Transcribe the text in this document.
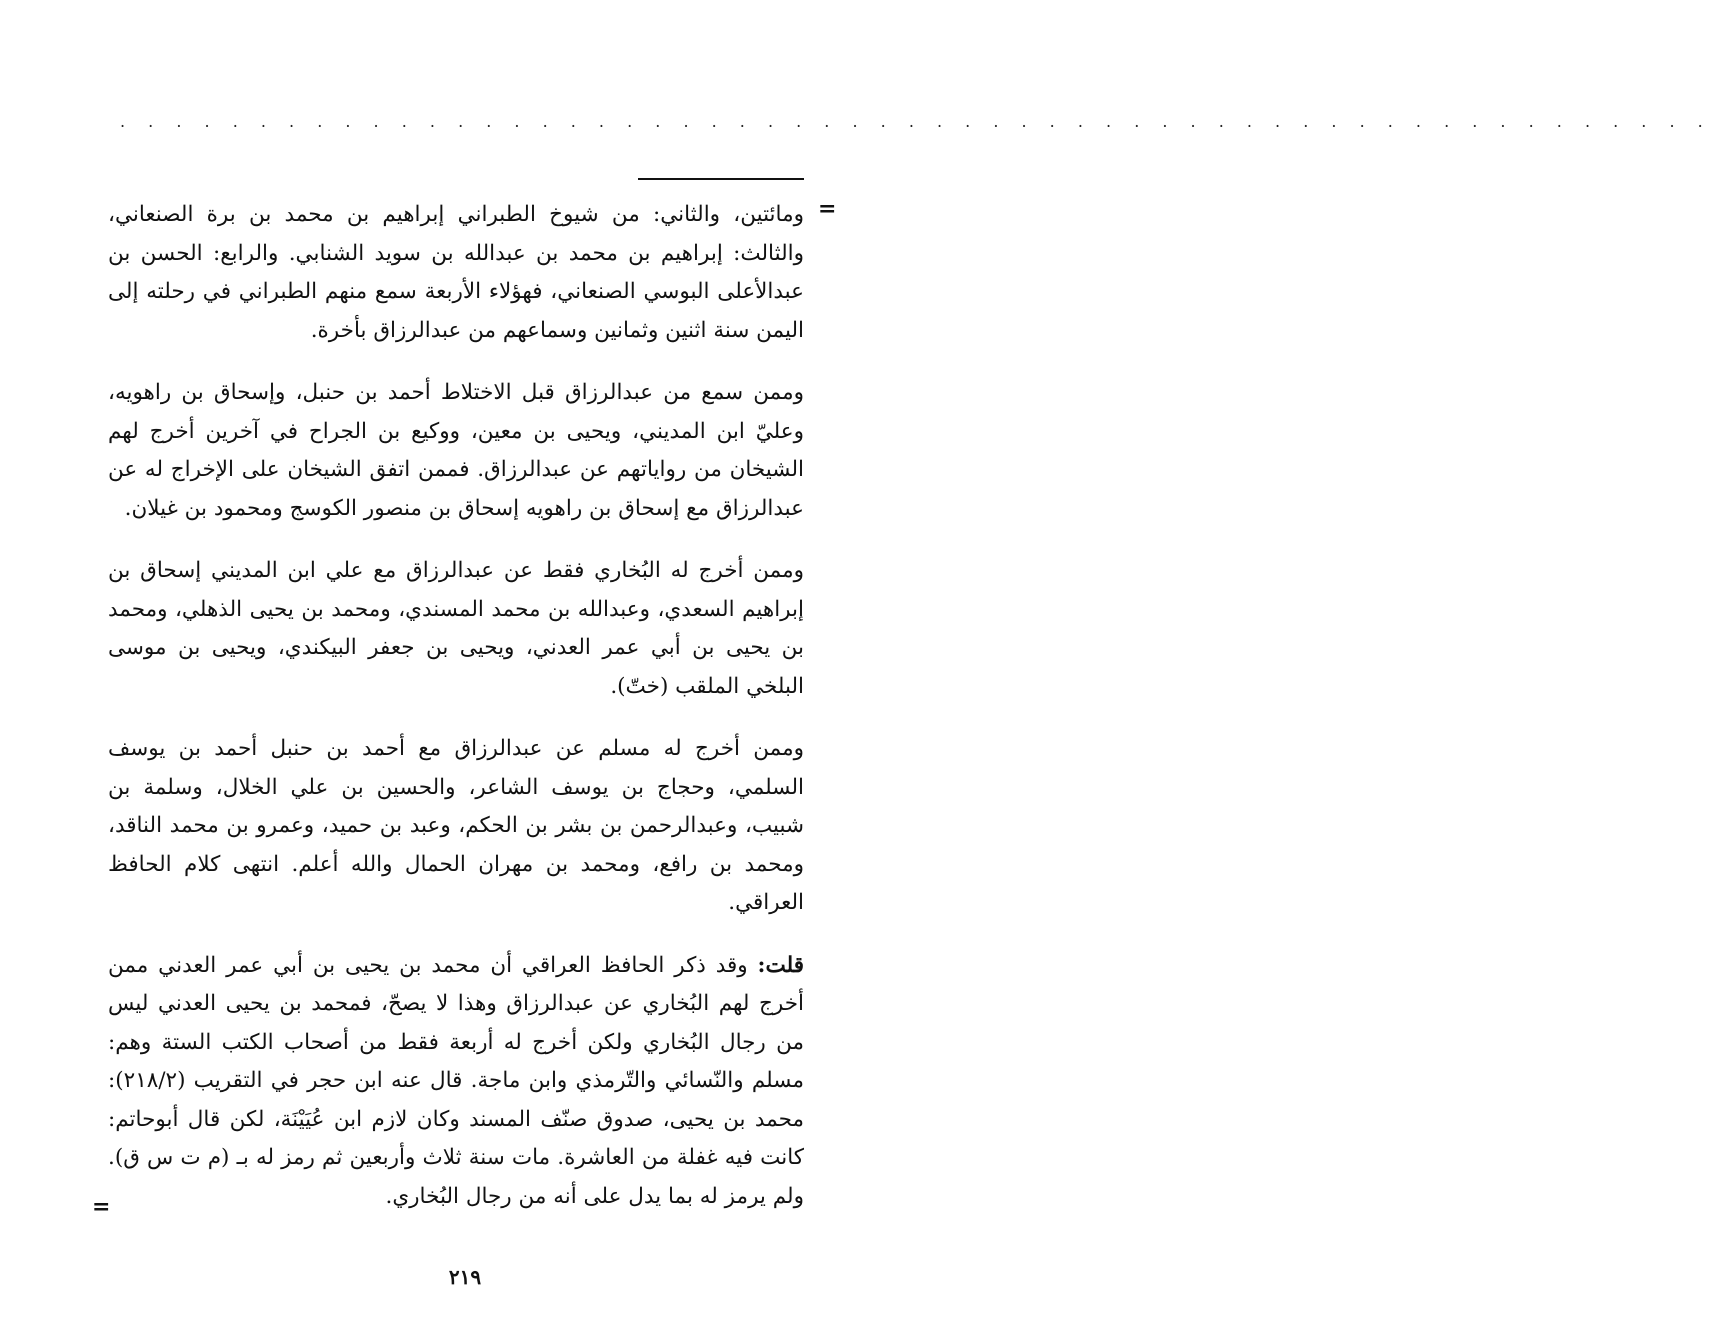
. . . . . . . . . . . . . . . . . . . . . . . . . . . . . . . . . . . . . . . . . . . . . . . . . . . . . . . . .
=

ومائتين، والثاني: من شيوخ الطبراني إبراهيم بن محمد بن برة الصنعاني، والثالث: إبراهيم بن محمد بن عبدالله بن سويد الشنابي. والرابع: الحسن بن عبدالأعلى البوسي الصنعاني، فهؤلاء الأربعة سمع منهم الطبراني في رحلته إلى اليمن سنة اثنين وثمانين وسماعهم من عبدالرزاق بأخرة.

وممن سمع من عبدالرزاق قبل الاختلاط أحمد بن حنبل، وإسحاق بن راهويه، وعليّ ابن المديني، ويحيى بن معين، ووكيع بن الجراح في آخرين أخرج لهم الشيخان من رواياتهم عن عبدالرزاق. فممن اتفق الشيخان على الإخراج له عن عبدالرزاق مع إسحاق بن راهويه إسحاق بن منصور الكوسج ومحمود بن غيلان.

وممن أخرج له البُخاري فقط عن عبدالرزاق مع علي ابن المديني إسحاق بن إبراهيم السعدي، وعبدالله بن محمد المسندي، ومحمد بن يحيى الذهلي، ومحمد بن يحيى بن أبي عمر العدني، ويحيى بن جعفر البيكندي، ويحيى بن موسى البلخي الملقب (ختّ).

وممن أخرج له مسلم عن عبدالرزاق مع أحمد بن حنبل أحمد بن يوسف السلمي، وحجاج بن يوسف الشاعر، والحسين بن علي الخلال، وسلمة بن شبيب، وعبدالرحمن بن بشر بن الحكم، وعبد بن حميد، وعمرو بن محمد الناقد، ومحمد بن رافع، ومحمد بن مهران الحمال والله أعلم. انتهى كلام الحافظ العراقي.

قلت: وقد ذكر الحافظ العراقي أن محمد بن يحيى بن أبي عمر العدني ممن أخرج لهم البُخاري عن عبدالرزاق وهذا لا يصحّ، فمحمد بن يحيى العدني ليس من رجال البُخاري ولكن أخرج له أربعة فقط من أصحاب الكتب الستة وهم: مسلم والنّسائي والتّرمذي وابن ماجة. قال عنه ابن حجر في التقريب (٢١٨/٢): محمد بن يحيى، صدوق صنّف المسند وكان لازم ابن عُيَيْنَة، لكن قال أبوحاتم: كانت فيه غفلة من العاشرة. مات سنة ثلاث وأربعين ثم رمز له بـ (م ت س ق). ولم يرمز له بما يدل على أنه من رجال البُخاري.

=
٢١٩
